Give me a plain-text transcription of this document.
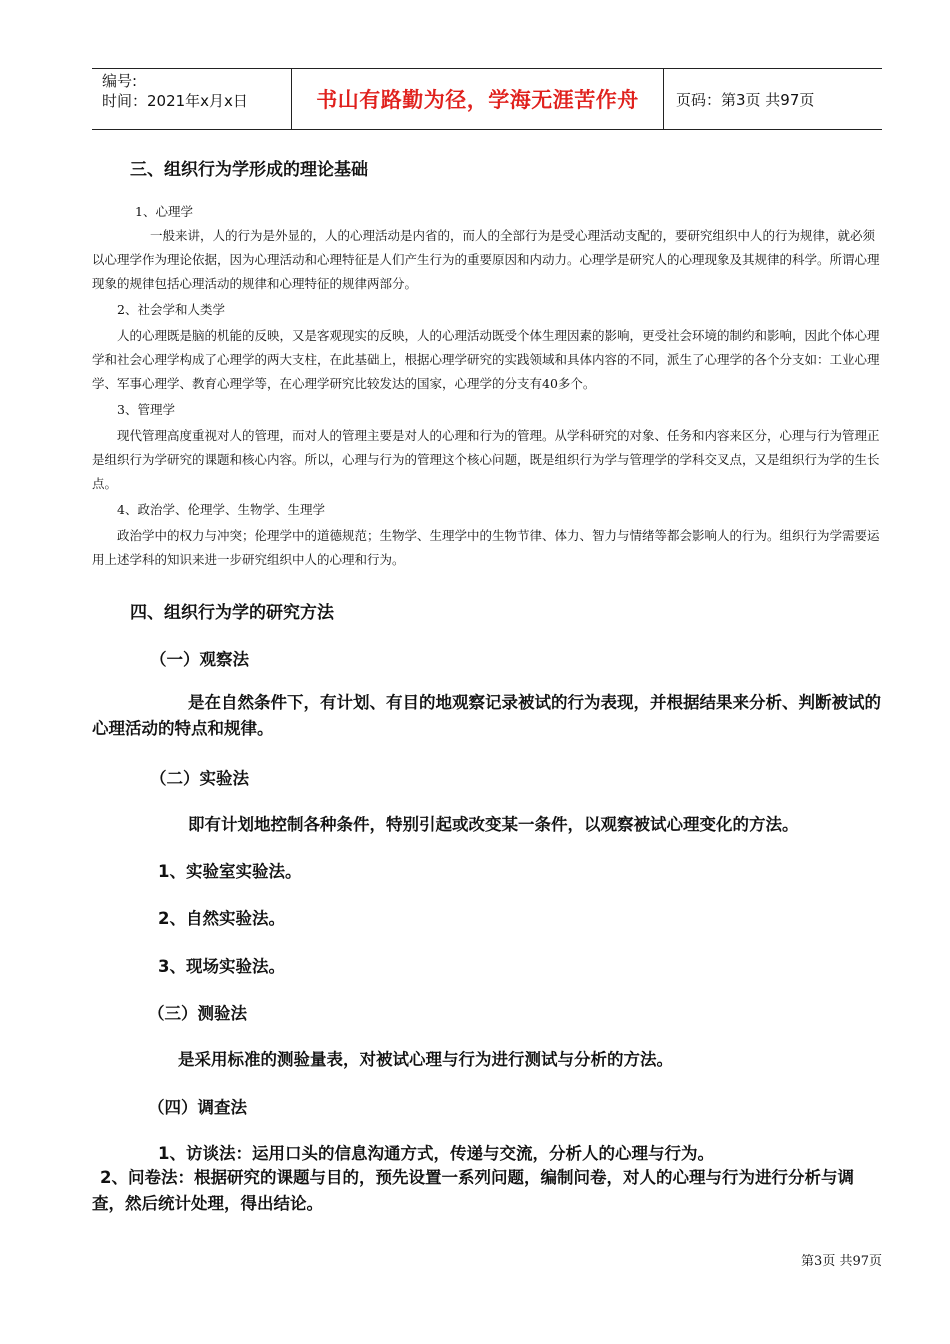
编号:
时间：2021年x月x日	书山有路勤为径，学海无涯苦作舟 页码：第3页 共97页
三、组织行为学形成的理论基础
1、心理学
一般来讲，人的行为是外显的，人的心理活动是内省的，而人的全部行为是受心理活动支配的，要研究组织中人的行为规律，就必须以心理学作为理论依据，因为心理活动和心理特征是人们产生行为的重要原因和内动力。心理学是研究人的心理现象及其规律的科学。所谓心理现象的规律包括心理活动的规律和心理特征的规律两部分。
2、社会学和人类学
人的心理既是脑的机能的反映，又是客观现实的反映，人的心理活动既受个体生理因素的影响，更受社会环境的制约和影响，因此个体心理学和社会心理学构成了心理学的两大支柱，在此基础上，根据心理学研究的实践领域和具体内容的不同，派生了心理学的各个分支如：工业心理学、军事心理学、教育心理学等，在心理学研究比较发达的国家，心理学的分支有40多个。
3、管理学
现代管理高度重视对人的管理，而对人的管理主要是对人的心理和行为的管理。从学科研究的对象、任务和内容来区分，心理与行为管理正是组织行为学研究的课题和核心内容。所以，心理与行为的管理这个核心问题，既是组织行为学与管理学的学科交叉点，又是组织行为学的生长点。
4、政治学、伦理学、生物学、生理学
政治学中的权力与冲突；伦理学中的道德规范；生物学、生理学中的生物节律、体力、智力与情绪等都会影响人的行为。组织行为学需要运用上述学科的知识来进一步研究组织中人的心理和行为。
四、组织行为学的研究方法
（一）观察法
是在自然条件下，有计划、有目的地观察记录被试的行为表现，并根据结果来分析、判断被试的心理活动的特点和规律。
（二）实验法
即有计划地控制各种条件，特别引起或改变某一条件，以观察被试心理变化的方法。
1、实验室实验法。
2、自然实验法。
3、现场实验法。
（三）测验法
是采用标准的测验量表，对被试心理与行为进行测试与分析的方法。
（四）调查法
1、访谈法：运用口头的信息沟通方式，传递与交流，分析人的心理与行为。
2、问卷法：根据研究的课题与目的，预先设置一系列问题，编制问卷，对人的心理与行为进行分析与调查，然后统计处理，得出结论。
第3页 共97页
